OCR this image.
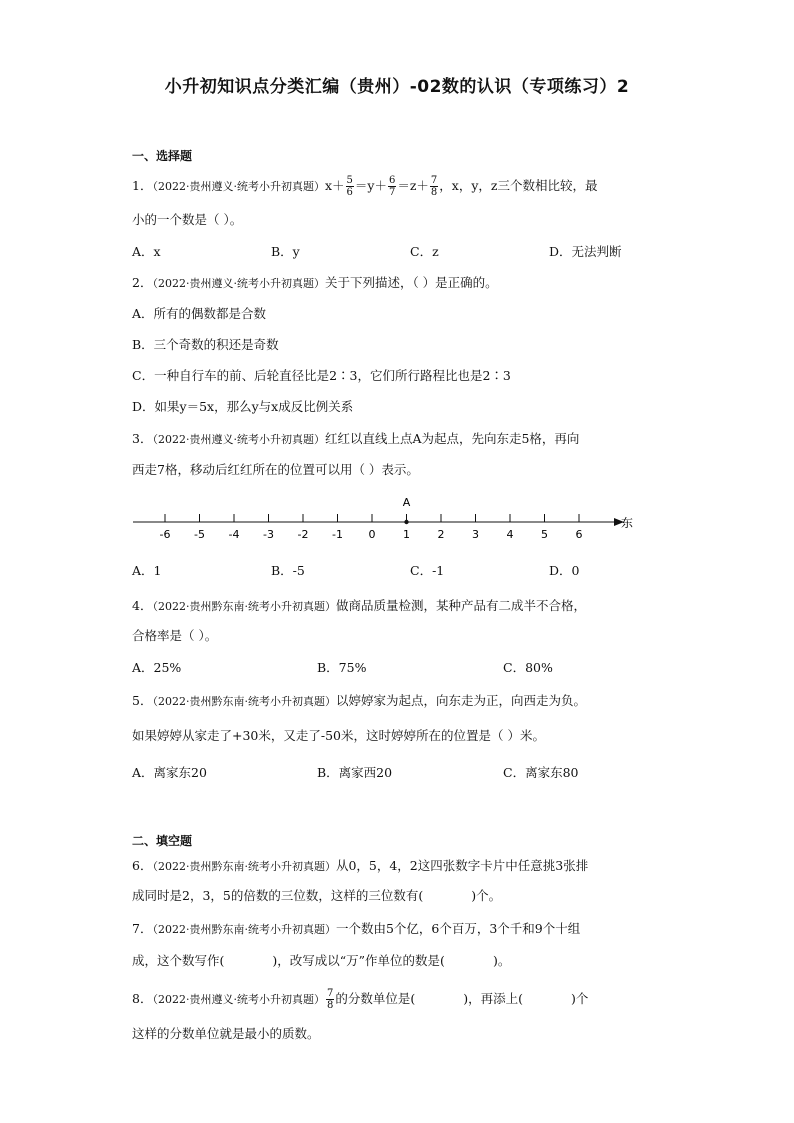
小升初知识点分类汇编（贵州）-02数的认识（专项练习）2
一、选择题
1．（2022·贵州遵义·统考小升初真题）$x+ \frac{5}{6} =y+ \frac{6}{7} =z+ \frac{7}{8}$ ，x，y，z三个数相比较，最
小的一个数是（ ）。
A．x	B．y	C．z	D．无法判断
2．（2022·贵州遵义·统考小升初真题）关于下列描述，（ ）是正确的。
A．所有的偶数都是合数
B．三个奇数的积还是奇数
C．一种自行车的前、后轮直径比是2∶3，它们所行路程比也是2∶3
D．如果y＝5x，那么y与x成反比例关系
3．（2022·贵州遵义·统考小升初真题）红红以直线上点A为起点，先向东走5格，再向
西走7格，移动后红红所在的位置可以用（ ）表示。
-6 -5 -4 -3 -2 -1 0	1	2	3	4	5	6
A
东
A．1	B．-5	C．-1	D．0
4．（2022·贵州黔东南·统考小升初真题）做商品质量检测，某种产品有二成半不合格，
合格率是（ ）。
A．25%	B．75%	C．80%
5．（2022·贵州黔东南·统考小升初真题）以婷婷家为起点，向东走为正，向西走为负。
如果婷婷从家走了+30米，又走了-50米，这时婷婷所在的位置是（ ）米。
A．离家东20	B．离家西20	C．离家东80
二、填空题
6．（2022·贵州黔东南·统考小升初真题）从0，5，4，2这四张数字卡片中任意挑3张排
成同时是2，3，5的倍数的三位数，这样的三位数有(	)个。
7．（2022·贵州黔东南·统考小升初真题）一个数由5个亿，6个百万，3个千和9个十组
成，这个数写作(	)，改写成以“万”作单位的数是(	)。
8．（2022·贵州遵义·统考小升初真题） $\frac{7}{8}$ 的分数单位是(	)，再添上(	)个
这样的分数单位就是最小的质数。
